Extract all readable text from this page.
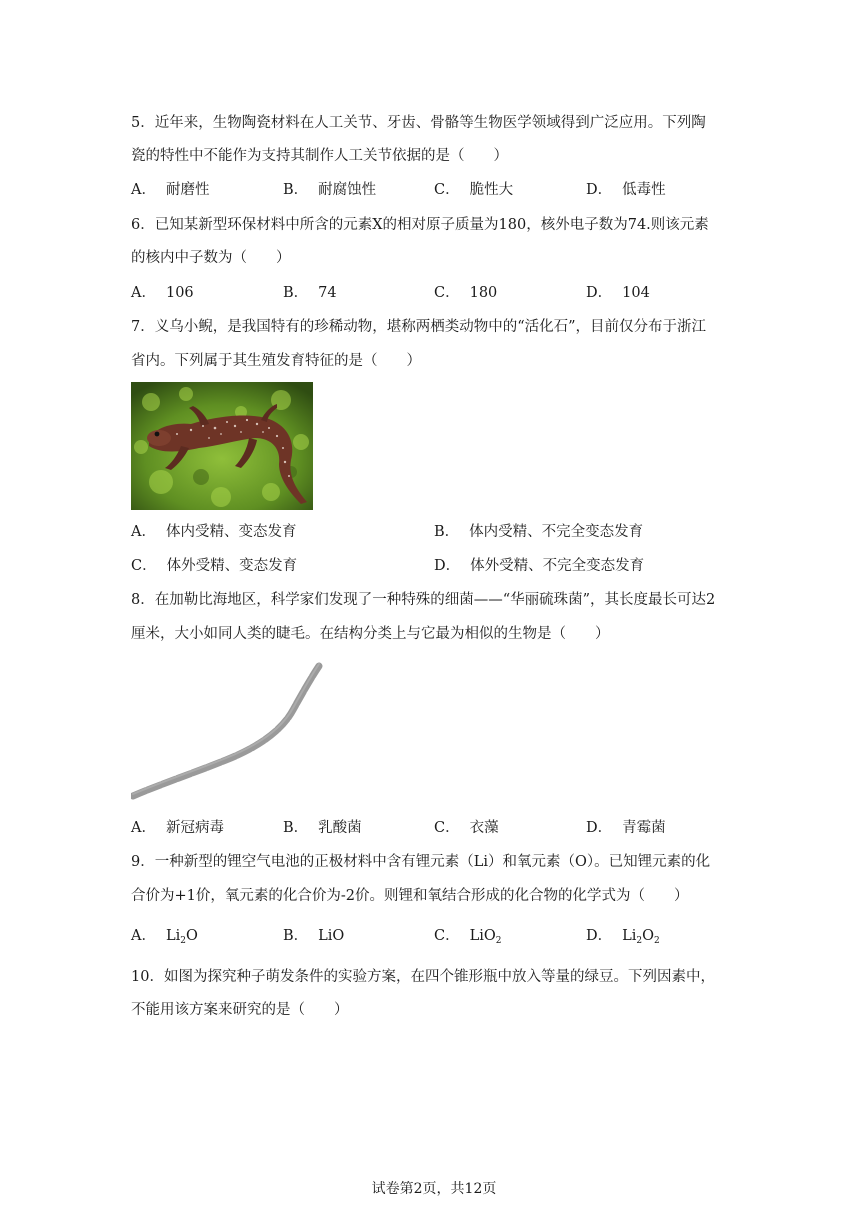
5．近年来，生物陶瓷材料在人工关节、牙齿、骨骼等生物医学领域得到广泛应用。下列陶
瓷的特性中不能作为支持其制作人工关节依据的是（　　）
A． 耐磨性	B． 耐腐蚀性	C． 脆性大	D． 低毒性
6．已知某新型环保材料中所含的元素X的相对原子质量为180，核外电子数为74.则该元素
的核内中子数为（　　）
A． 106	B． 74	C． 180	D． 104
7．义乌小鲵，是我国特有的珍稀动物，堪称两栖类动物中的“活化石”，目前仅分布于浙江
省内。下列属于其生殖发育特征的是（　　）
A． 体内受精、变态发育	B． 体内受精、不完全变态发育
C． 体外受精、变态发育	D． 体外受精、不完全变态发育
8．在加勒比海地区，科学家们发现了一种特殊的细菌——“华丽硫珠菌”，其长度最长可达2
厘米，大小如同人类的睫毛。在结构分类上与它最为相似的生物是（　　）
A． 新冠病毒	B． 乳酸菌	C． 衣藻	D． 青霉菌
9．一种新型的锂空气电池的正极材料中含有锂元素（Li）和氧元素（O）。已知锂元素的化
合价为+1价，氧元素的化合价为-2价。则锂和氧结合形成的化合物的化学式为（　　）
A． $Li_2O$	B． LiO	C． LiO$_2$	D． $Li_2O_2$
10．如图为探究种子萌发条件的实验方案，在四个锥形瓶中放入等量的绿豆。下列因素中，
不能用该方案来研究的是（　　）
试卷第2页，共12页
